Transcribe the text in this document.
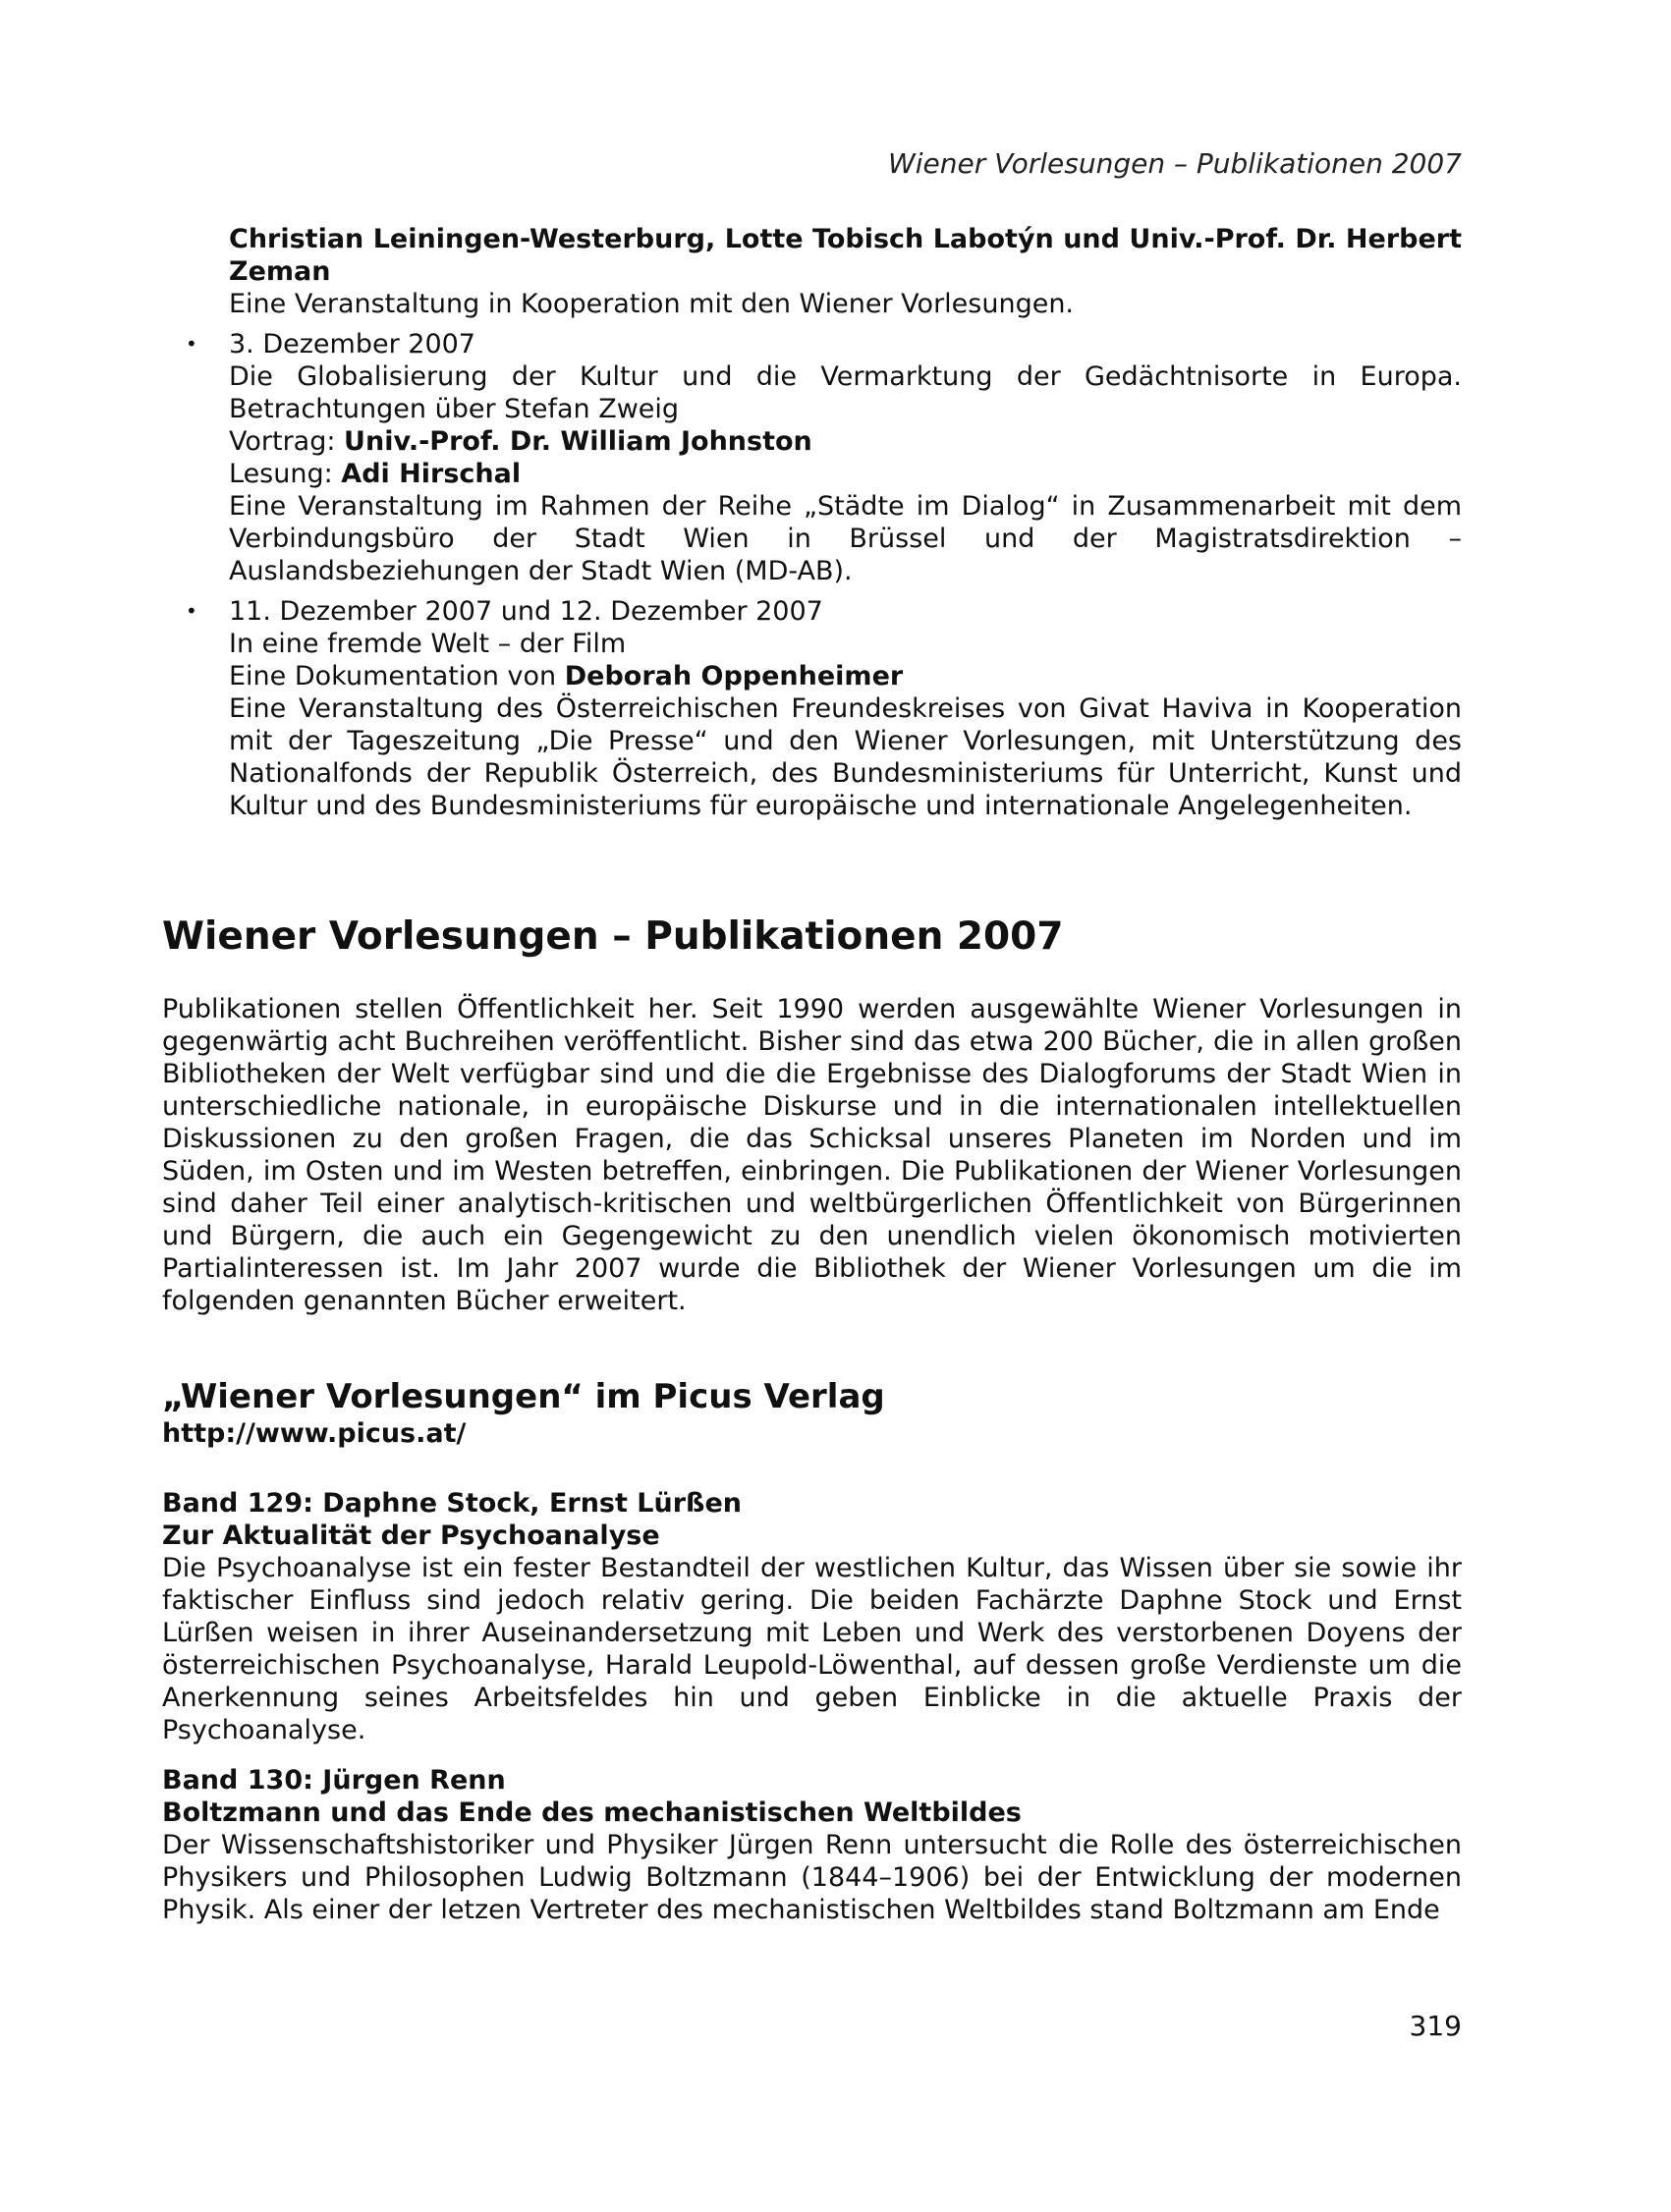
Wiener Vorlesungen – Publikationen 2007

Christian Leiningen-Westerburg, Lotte Tobisch Labotýn und Univ.-Prof. Dr. Herbert Zeman

Eine Veranstaltung in Kooperation mit den Wiener Vorlesungen.

• 3. Dezember 2007

Die Globalisierung der Kultur und die Vermarktung der Gedächtnisorte in Europa. Betrachtungen über Stefan Zweig

Vortrag: Univ.-Prof. Dr. William Johnston

Lesung: Adi Hirschal

Eine Veranstaltung im Rahmen der Reihe „Städte im Dialog“ in Zusammenarbeit mit dem Verbindungsbüro der Stadt Wien in Brüssel und der Magistratsdirektion – Auslandsbeziehungen der Stadt Wien (MD-AB).

• 11. Dezember 2007 und 12. Dezember 2007

In eine fremde Welt – der Film

Eine Dokumentation von Deborah Oppenheimer

Eine Veranstaltung des Österreichischen Freundeskreises von Givat Haviva in Kooperation mit der Tageszeitung „Die Presse“ und den Wiener Vorlesungen, mit Unterstützung des Nationalfonds der Republik Österreich, des Bundesministeriums für Unterricht, Kunst und Kultur und des Bundesministeriums für europäische und internationale Angelegenheiten.

Wiener Vorlesungen – Publikationen 2007

Publikationen stellen Öffentlichkeit her. Seit 1990 werden ausgewählte Wiener Vorlesungen in gegenwärtig acht Buchreihen veröffentlicht. Bisher sind das etwa 200 Bücher, die in allen großen Bibliotheken der Welt verfügbar sind und die die Ergebnisse des Dialogforums der Stadt Wien in unterschiedliche nationale, in europäische Diskurse und in die internationalen intellektuellen Diskussionen zu den großen Fragen, die das Schicksal unseres Planeten im Norden und im Süden, im Osten und im Westen betreffen, einbringen. Die Publikationen der Wiener Vorlesungen sind daher Teil einer analytisch-kritischen und weltbürgerlichen Öffentlichkeit von Bürgerinnen und Bürgern, die auch ein Gegengewicht zu den unendlich vielen ökonomisch motivierten Partialinteressen ist. Im Jahr 2007 wurde die Bibliothek der Wiener Vorlesungen um die im folgenden genannten Bücher erweitert.

„Wiener Vorlesungen“ im Picus Verlag

http://www.picus.at/

Band 129: Daphne Stock, Ernst Lürßen

Zur Aktualität der Psychoanalyse

Die Psychoanalyse ist ein fester Bestandteil der westlichen Kultur, das Wissen über sie sowie ihr faktischer Einfluss sind jedoch relativ gering. Die beiden Fachärzte Daphne Stock und Ernst Lürßen weisen in ihrer Auseinandersetzung mit Leben und Werk des verstorbenen Doyens der österreichischen Psychoanalyse, Harald Leupold-Löwenthal, auf dessen große Verdienste um die Anerkennung seines Arbeitsfeldes hin und geben Einblicke in die aktuelle Praxis der Psychoanalyse.

Band 130: Jürgen Renn

Boltzmann und das Ende des mechanistischen Weltbildes

Der Wissenschaftshistoriker und Physiker Jürgen Renn untersucht die Rolle des österreichischen Physikers und Philosophen Ludwig Boltzmann (1844–1906) bei der Entwicklung der modernen Physik. Als einer der letzen Vertreter des mechanistischen Weltbildes stand Boltzmann am Ende

319
